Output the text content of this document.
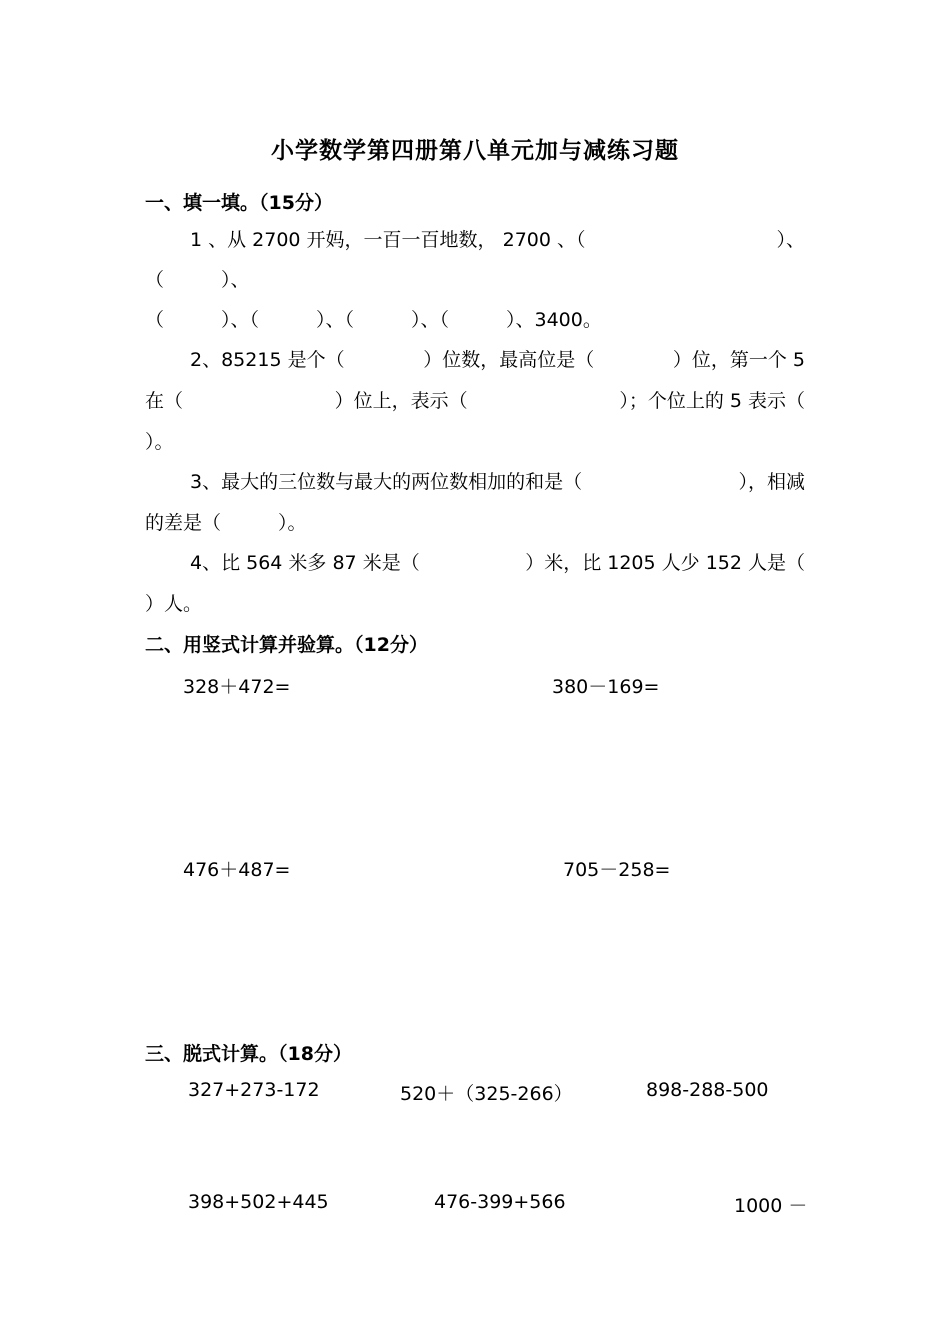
小学数学第四册第八单元加与减练习题
一、填一填。（15分）
1 、从 2700 开妈，一百一百地数， 2700 、（	）、
（　　　）、
（　　　）、（　　　）、（　　　）、（　　　）、3400。
2、85215 是个（	）位数，最高位是（	）位，第一个 5
在（	）位上，表示（	）；个位上的 5 表示（
）。
3、最大的三位数与最大的两位数相加的和是（	），相减
的差是（　　　）。
4、比 564 米多 87 米是（	）米，比 1205 人少 152 人是（
）人。
二、用竖式计算并验算。（12分）
328＋472=	380－169=
476＋487=	705－258=
三、脱式计算。（18分）
327+273-172	520＋（325-266）	898-288-500
398+502+445	476-399+566	1000 －
